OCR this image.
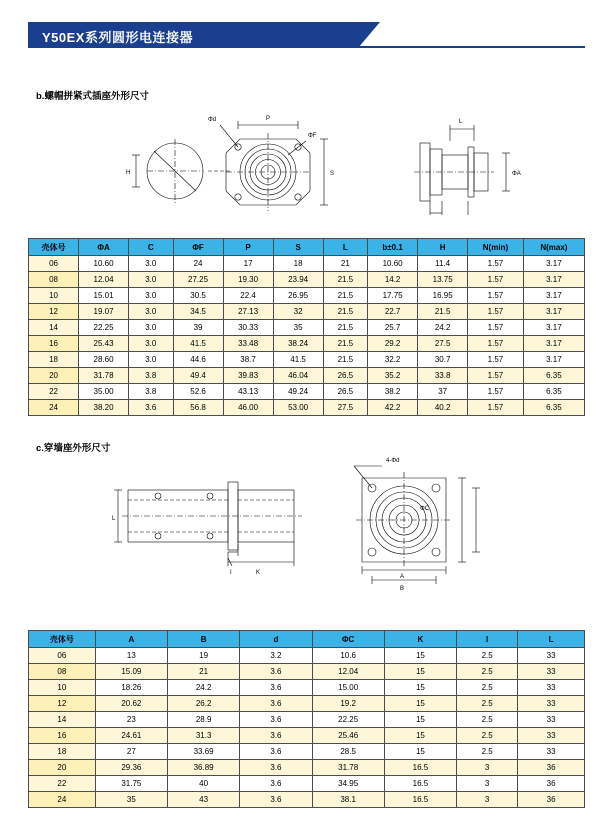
Y50EX系列圆形电连接器
b.螺帽拼紧式插座外形尺寸
P
S
L
ΦA
H
Φd
ΦF
壳体号	ΦA	C	ΦF	P	S	L	b±0.1	H	N(min)	N(max)
06	10.60	3.0	24	17	18	21	10.60	11.4	1.57	3.17
08	12.04	3.0	27.25	19.30	23.94	21.5	14.2	13.75	1.57	3.17
10	15.01	3.0	30.5	22.4	26.95	21.5	17.75	16.95	1.57	3.17
12	19.07	3.0	34.5	27.13	32	21.5	22.7	21.5	1.57	3.17
14	22.25	3.0	39	30.33	35	21.5	25.7	24.2	1.57	3.17
16	25.43	3.0	41.5	33.48	38.24	21.5	29.2	27.5	1.57	3.17
18	28.60	3.0	44.6	38.7	41.5	21.5	32.2	30.7	1.57	3.17
20	31.78	3.8	49.4	39.83	46.04	26.5	35.2	33.8	1.57	6.35
22	35.00	3.8	52.6	43.13	49.24	26.5	38.2	37	1.57	6.35
24	38.20	3.6	56.8	46.00	53.00	27.5	42.2	40.2	1.57	6.35
c.穿墙座外形尺寸
K
I
4-Φd
A
B
ΦC
L
壳体号	A	B	d	ΦC	K	I	L
06	13	19	3.2	10.6	15	2.5	33
08	15.09	21	3.6	12.04	15	2.5	33
10	18.26	24.2	3.6	15.00	15	2.5	33
12	20.62	26.2	3.6	19.2	15	2.5	33
14	23	28.9	3.6	22.25	15	2.5	33
16	24.61	31.3	3.6	25.46	15	2.5	33
18	27	33.69	3.6	28.5	15	2.5	33
20	29.36	36.89	3.6	31.78	16.5	3	36
22	31.75	40	3.6	34.95	16.5	3	36
24	35	43	3.6	38.1	16.5	3	36
